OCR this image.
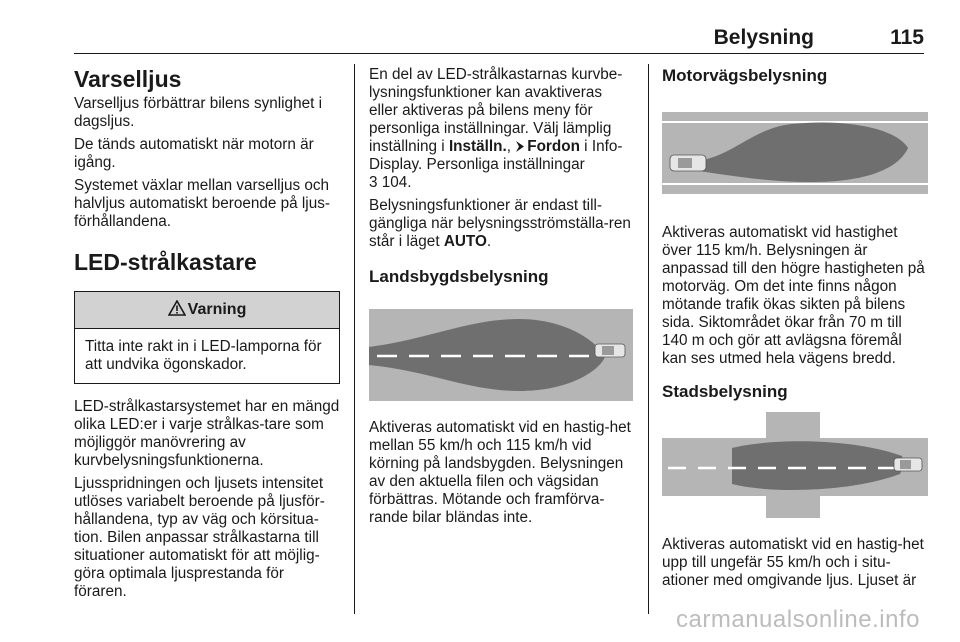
Belysning	115
Varselljus

Varselljus förbättrar bilens synlighet i dagsljus.

De tänds automatiskt när motorn är igång.

Systemet växlar mellan varselljus och halvljus automatiskt beroende på ljus-förhållandena.

LED-strålkastare
Varning

Titta inte rakt in i LED-lamporna för att undvika ögonskador.

LED-strålkastarsystemet har en mängd olika LED:er i varje strålkas-tare som möjliggör manövrering av kurvbelysningsfunktionerna.

Ljusspridningen och ljusets intensitet utlöses variabelt beroende på ljusför-hållandena, typ av väg och körsitua-tion. Bilen anpassar strålkastarna till situationer automatiskt för att möjlig-göra optimala ljusprestanda för föraren.

En del av LED-strålkastarnas kurvbe-lysningsfunktioner kan avaktiveras eller aktiveras på bilens meny för personliga inställningar. Välj lämplig inställning i Inställn., Fordon i Info-Display. Personliga inställningar
3 104.

Belysningsfunktioner är endast till-gängliga när belysningsströmställa-ren står i läget AUTO.

Landsbygdsbelysning

Aktiveras automatiskt vid en hastig-het mellan 55 km/h och 115 km/h vid körning på landsbygden. Belysningen av den aktuella filen och vägsidan förbättras. Mötande och framförva-rande bilar bländas inte.

Motorvägsbelysning

Aktiveras automatiskt vid hastighet över 115 km/h. Belysningen är anpassad till den högre hastigheten på motorväg. Om det inte finns någon mötande trafik ökas sikten på bilens sida. Siktområdet ökar från 70 m till 140 m och gör att avlägsna föremål kan ses utmed hela vägens bredd.

Stadsbelysning

Aktiveras automatiskt vid en hastig-het upp till ungefär 55 km/h och i situ-ationer med omgivande ljus. Ljuset är

carmanualsonline.info
